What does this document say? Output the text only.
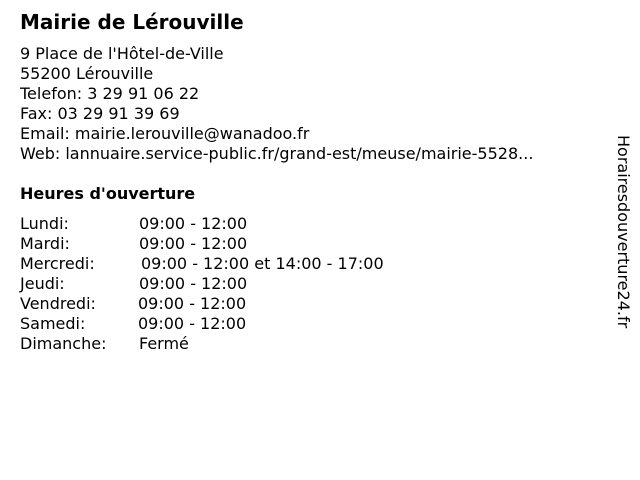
Mairie de Lérouville
9 Place de l'Hôtel-de-Ville
55200 Lérouville
Telefon: 3 29 91 06 22
Fax: 03 29 91 39 69
Email: mairie.lerouville@wanadoo.fr
Web: lannuaire.service-public.fr/grand-est/meuse/mairie-5528...
Heures d'ouverture
Lundi:	09:00 - 12:00
Mardi:	09:00 - 12:00
Mercredi:	09:00 - 12:00 et 14:00 - 17:00
Jeudi:	09:00 - 12:00
Vendredi:	09:00 - 12:00
Samedi:	09:00 - 12:00
Dimanche: Fermé
Horairesdouverture24.fr
